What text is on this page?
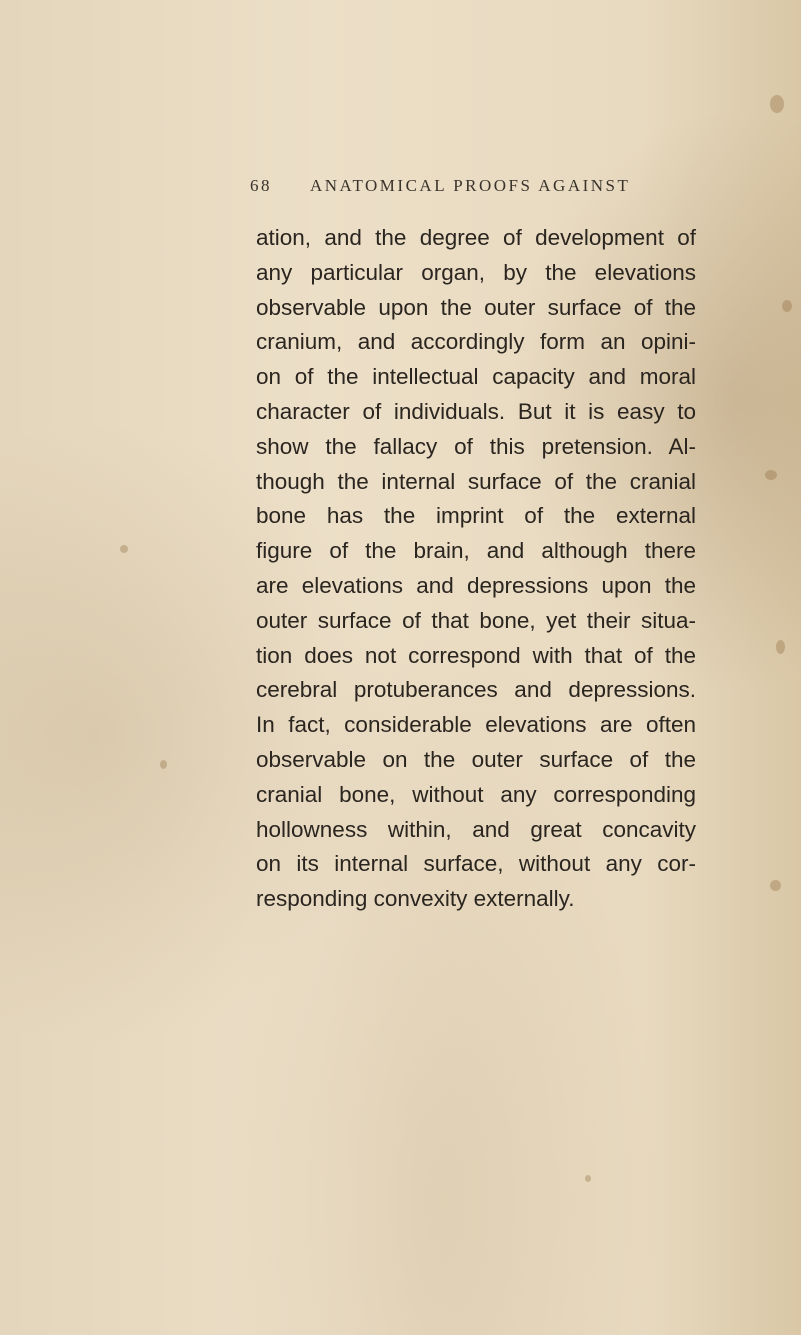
68 ANATOMICAL PROOFS AGAINST
ation, and the degree of development of
any particular organ, by the elevations
observable upon the outer surface of the
cranium, and accordingly form an opini-
on of the intellectual capacity and moral
character of individuals. But it is easy to
show the fallacy of this pretension. Al-
though the internal surface of the cranial
bone has the imprint of the external
figure of the brain, and although there
are elevations and depressions upon the
outer surface of that bone, yet their situa-
tion does not correspond with that of the
cerebral protuberances and depressions.
In fact, considerable elevations are often
observable on the outer surface of the
cranial bone, without any corresponding
hollowness within, and great concavity
on its internal surface, without any cor-
responding convexity externally.
